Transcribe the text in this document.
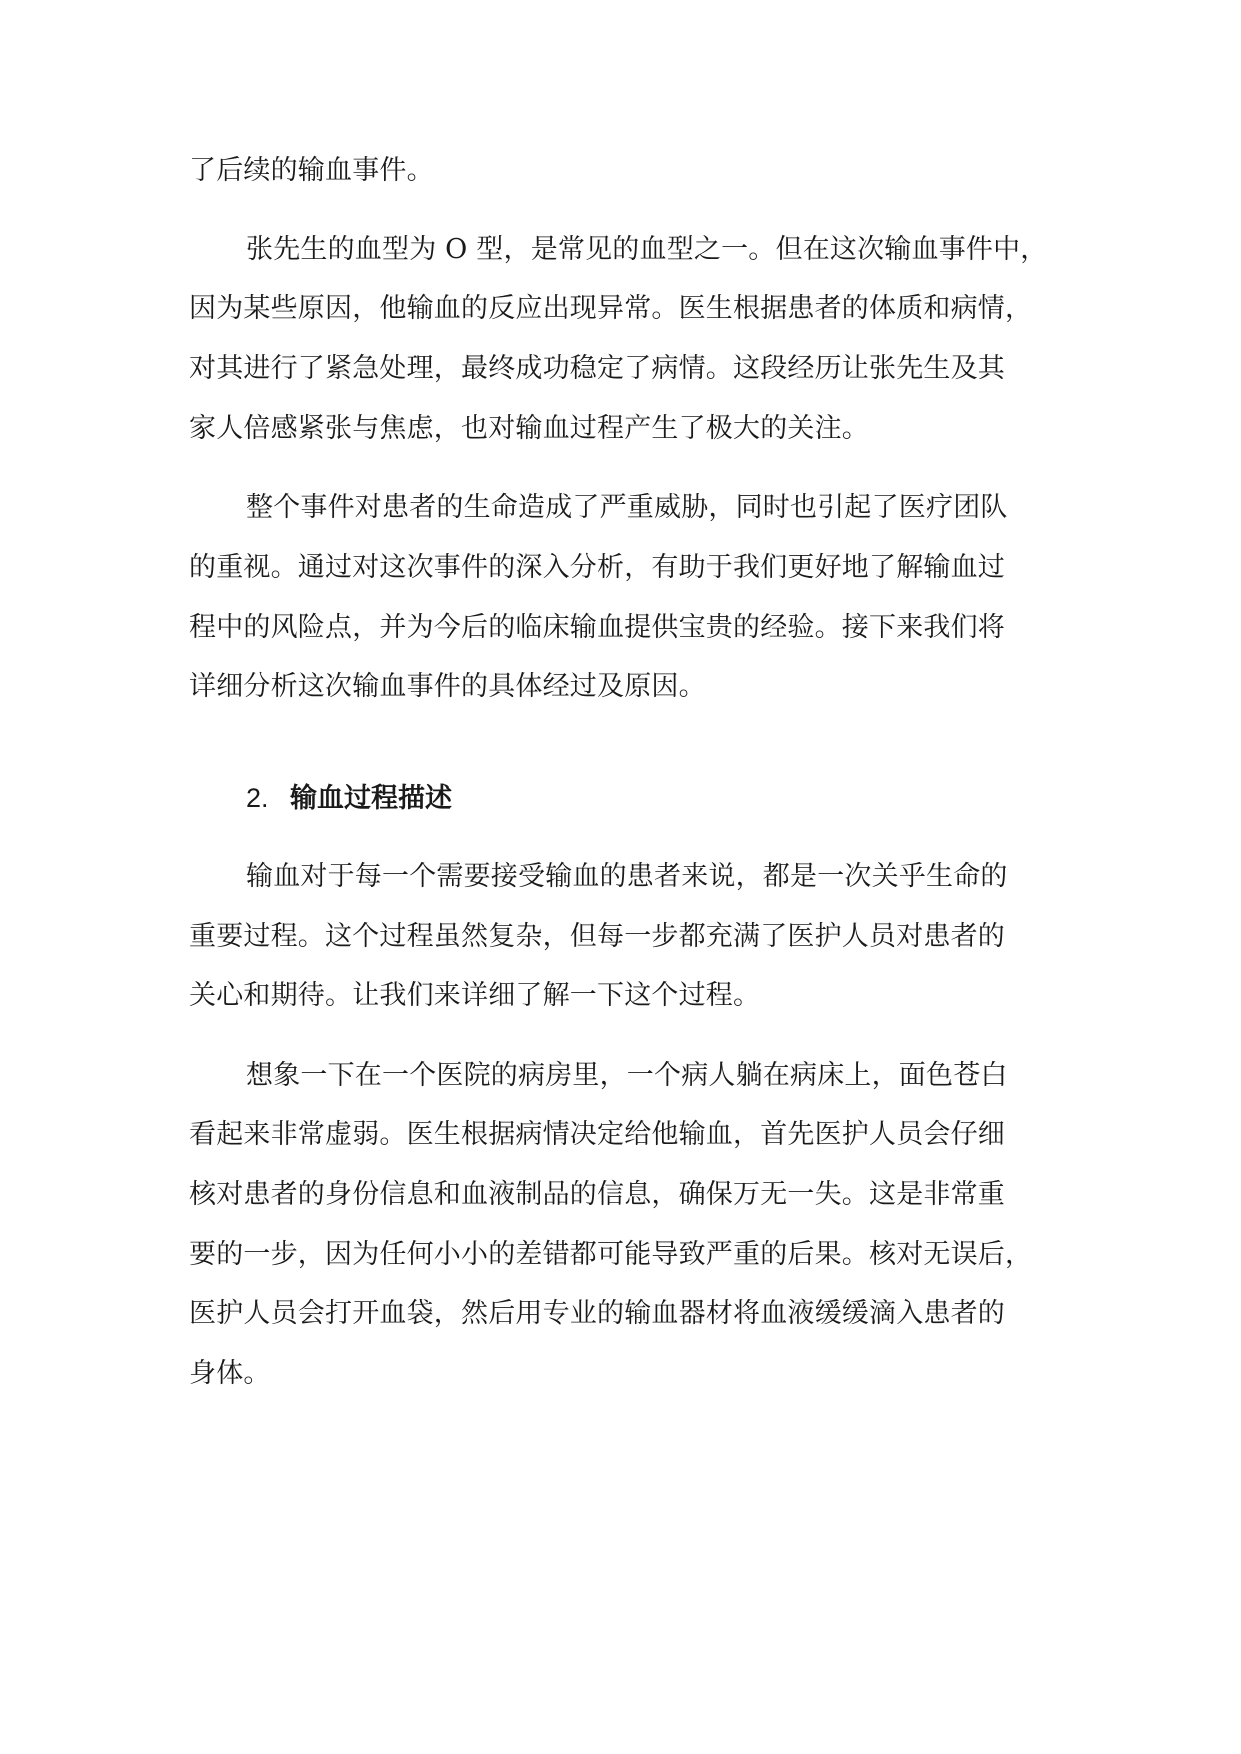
了后续的输血事件。
张先生的血型为 O 型，是常见的血型之一。但在这次输血事件中，
因为某些原因，他输血的反应出现异常。医生根据患者的体质和病情，
对其进行了紧急处理，最终成功稳定了病情。这段经历让张先生及其
家人倍感紧张与焦虑，也对输血过程产生了极大的关注。
整个事件对患者的生命造成了严重威胁，同时也引起了医疗团队
的重视。通过对这次事件的深入分析，有助于我们更好地了解输血过
程中的风险点，并为今后的临床输血提供宝贵的经验。接下来我们将
详细分析这次输血事件的具体经过及原因。
2. 输血过程描述
输血对于每一个需要接受输血的患者来说，都是一次关乎生命的
重要过程。这个过程虽然复杂，但每一步都充满了医护人员对患者的
关心和期待。让我们来详细了解一下这个过程。
想象一下在一个医院的病房里，一个病人躺在病床上，面色苍白
看起来非常虚弱。医生根据病情决定给他输血，首先医护人员会仔细
核对患者的身份信息和血液制品的信息，确保万无一失。这是非常重
要的一步，因为任何小小的差错都可能导致严重的后果。核对无误后，
医护人员会打开血袋，然后用专业的输血器材将血液缓缓滴入患者的
身体。
